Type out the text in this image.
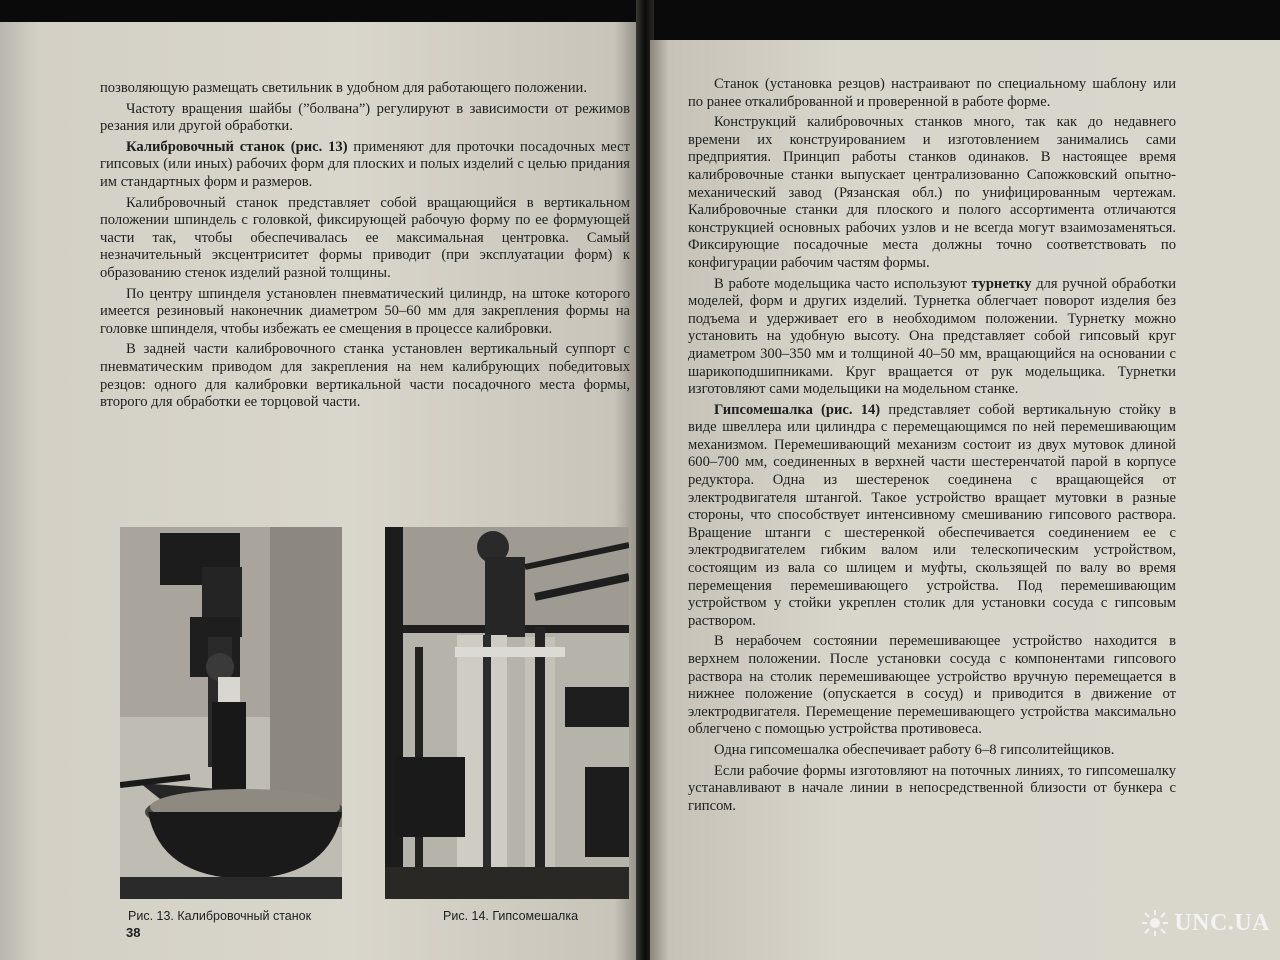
позволяющую размещать светильник в удобном для работающего положении.

Частоту вращения шайбы (”болвана”) регулируют в зависимости от режимов резания или другой обработки.

Калибровочный станок (рис. 13) применяют для проточки посадочных мест гипсовых (или иных) рабочих форм для плоских и полых изделий с целью придания им стандартных форм и размеров.

Калибровочный станок представляет собой вращающийся в вертикальном положении шпиндель с головкой, фиксирующей рабочую форму по ее формующей части так, чтобы обеспечивалась ее максимальная центровка. Самый незначительный эксцентриситет формы приводит (при эксплуатации форм) к образованию стенок изделий разной толщины.

По центру шпинделя установлен пневматический цилиндр, на штоке которого имеется резиновый наконечник диаметром 50–60 мм для закрепления формы на головке шпинделя, чтобы избежать ее смещения в процессе калибровки.

В задней части калибровочного станка установлен вертикальный суппорт с пневматическим приводом для закрепления на нем калибрующих победитовых резцов: одного для калибровки вертикальной части посадочного места формы, второго для обработки ее торцовой части.

Рис. 13. Калибровочный станок	Рис. 14. Гипсомешалка
38

Станок (установка резцов) настраивают по специальному шаблону или по ранее откалиброванной и проверенной в работе форме.

Конструкций калибровочных станков много, так как до недавнего времени их конструированием и изготовлением занимались сами предприятия. Принцип работы станков одинаков. В настоящее время калибровочные станки выпускает централизованно Сапожковский опытно-механический завод (Рязанская обл.) по унифицированным чертежам. Калибровочные станки для плоского и полого ассортимента отличаются конструкцией основных рабочих узлов и не всегда могут взаимозаменяться. Фиксирующие посадочные места должны точно соответствовать по конфигурации рабочим частям формы.

В работе модельщика часто используют турнетку для ручной обработки моделей, форм и других изделий. Турнетка облегчает поворот изделия без подъема и удерживает его в необходимом положении. Турнетку можно установить на удобную высоту. Она представляет собой гипсовый круг диаметром 300–350 мм и толщиной 40–50 мм, вращающийся на основании с шарикоподшипниками. Круг вращается от рук модельщика. Турнетки изготовляют сами модельщики на модельном станке.

Гипсомешалка (рис. 14) представляет собой вертикальную стойку в виде швеллера или цилиндра с перемещающимся по ней перемешивающим механизмом. Перемешивающий механизм состоит из двух мутовок длиной 600–700 мм, соединенных в верхней части шестеренчатой парой в корпусе редуктора. Одна из шестеренок соединена с вращающейся от электродвигателя штангой. Такое устройство вращает мутовки в разные стороны, что способствует интенсивному смешиванию гипсового раствора. Вращение штанги с шестеренкой обеспечивается соединением ее с электродвигателем гибким валом или телескопическим устройством, состоящим из вала со шлицем и муфты, скользящей по валу во время перемещения перемешивающего устройства. Под перемешивающим устройством у стойки укреплен столик для установки сосуда с гипсовым раствором.

В нерабочем состоянии перемешивающее устройство находится в верхнем положении. После установки сосуда с компонентами гипсового раствора на столик перемешивающее устройство вручную перемещается в нижнее положение (опускается в сосуд) и приводится в движение от электродвигателя. Перемещение перемешивающего устройства максимально облегчено с помощью устройства противовеса.

Одна гипсомешалка обеспечивает работу 6–8 гипсолитейщиков.

Если рабочие формы изготовляют на поточных линиях, то гипсомешалку устанавливают в начале линии в непосредственной близости от бункера с гипсом.

UNC.UA
